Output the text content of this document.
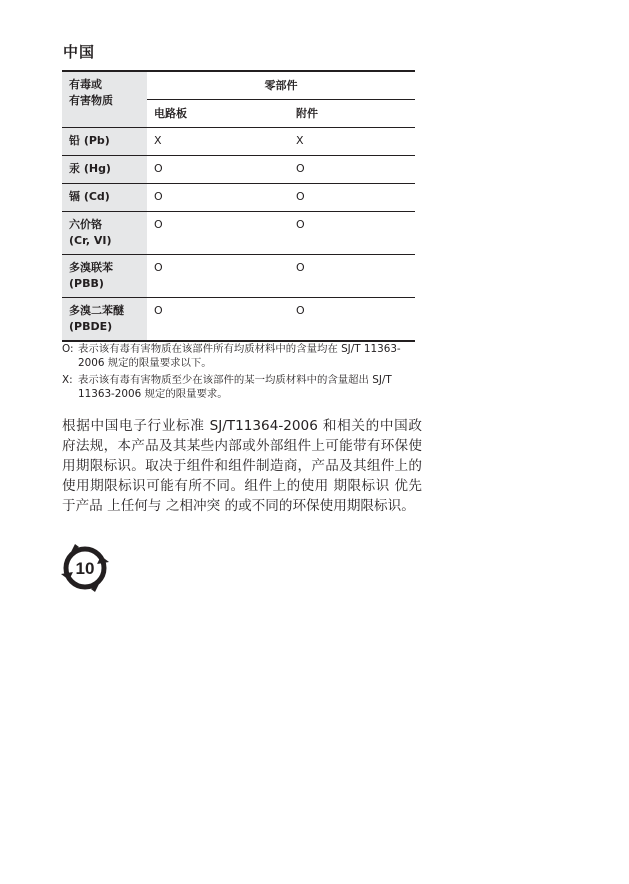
中国
有毒或
有害物质	零部件	
	电路板	附件
铅 (Pb)	X	X
汞 (Hg)	O	O
镉 (Cd)	O	O
六价铬
(Cr, VI)	O	O
多溴联苯
(PBB)	O	O
多溴二苯醚
(PBDE)	O	O
O: 表示该有毒有害物质在该部件所有均质材料中的含量均在 SJ/T 11363-2006 规定的限量要求以下。
X: 表示该有毒有害物质至少在该部件的某一均质材料中的含量超出 SJ/T 11363-2006 规定的限量要求。
根据中国电子行业标准 SJ/T11364-2006 和相关的中国政府法规，本产品及其某些内部或外部组件上可能带有环保使用期限标识。取决于组件和组件制造商，产品及其组件上的使用期限标识可能有所不同。组件上的使用 期限标识 优先于产品 上任何与 之相冲突 的或不同的环保使用期限标识。
10
